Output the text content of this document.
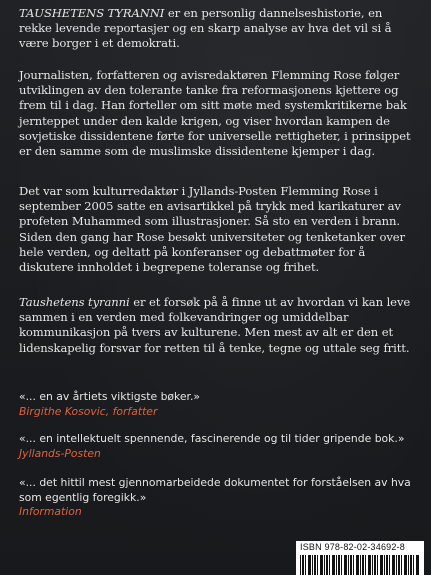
TAUSHETENS TYRANNI er en personlig dannelseshistorie, en rekke levende reportasjer og en skarp analyse av hva det vil si å være borger i et demokrati.

Journalisten, forfatteren og avisredaktøren Flemming Rose følger utviklingen av den tolerante tanke fra reformasjonens kjettere og frem til i dag. Han forteller om sitt møte med systemkritikerne bak jernteppet under den kalde krigen, og viser hvordan kampen de sovjetiske dissidentene førte for universelle rettigheter, i prinsippet er den samme som de muslimske dissidentene kjemper i dag.

Det var som kulturredaktør i Jyllands-Posten Flemming Rose i september 2005 satte en avisartikkel på trykk med karikaturer av profeten Muhammed som illustrasjoner. Så sto en verden i brann. Siden den gang har Rose besøkt universiteter og tenketanker over hele verden, og deltatt på konferanser og debattmøter for å diskutere innholdet i begrepene toleranse og frihet.

Taushetens tyranni er et forsøk på å finne ut av hvordan vi kan leve sammen i en verden med folkevandringer og umiddelbar kommunikasjon på tvers av kulturene. Men mest av alt er den et lidenskapelig forsvar for retten til å tenke, tegne og uttale seg fritt.

«... en av årtiets viktigste bøker.»
Birgithe Kosovic, forfatter
«... en intellektuelt spennende, fascinerende og til tider gripende bok.»
Jyllands-Posten
«... det hittil mest gjennomarbeidede dokumentet for forståelsen av hva som egentlig foregikk.»
Information
ISBN 978-82-02-34692-8
